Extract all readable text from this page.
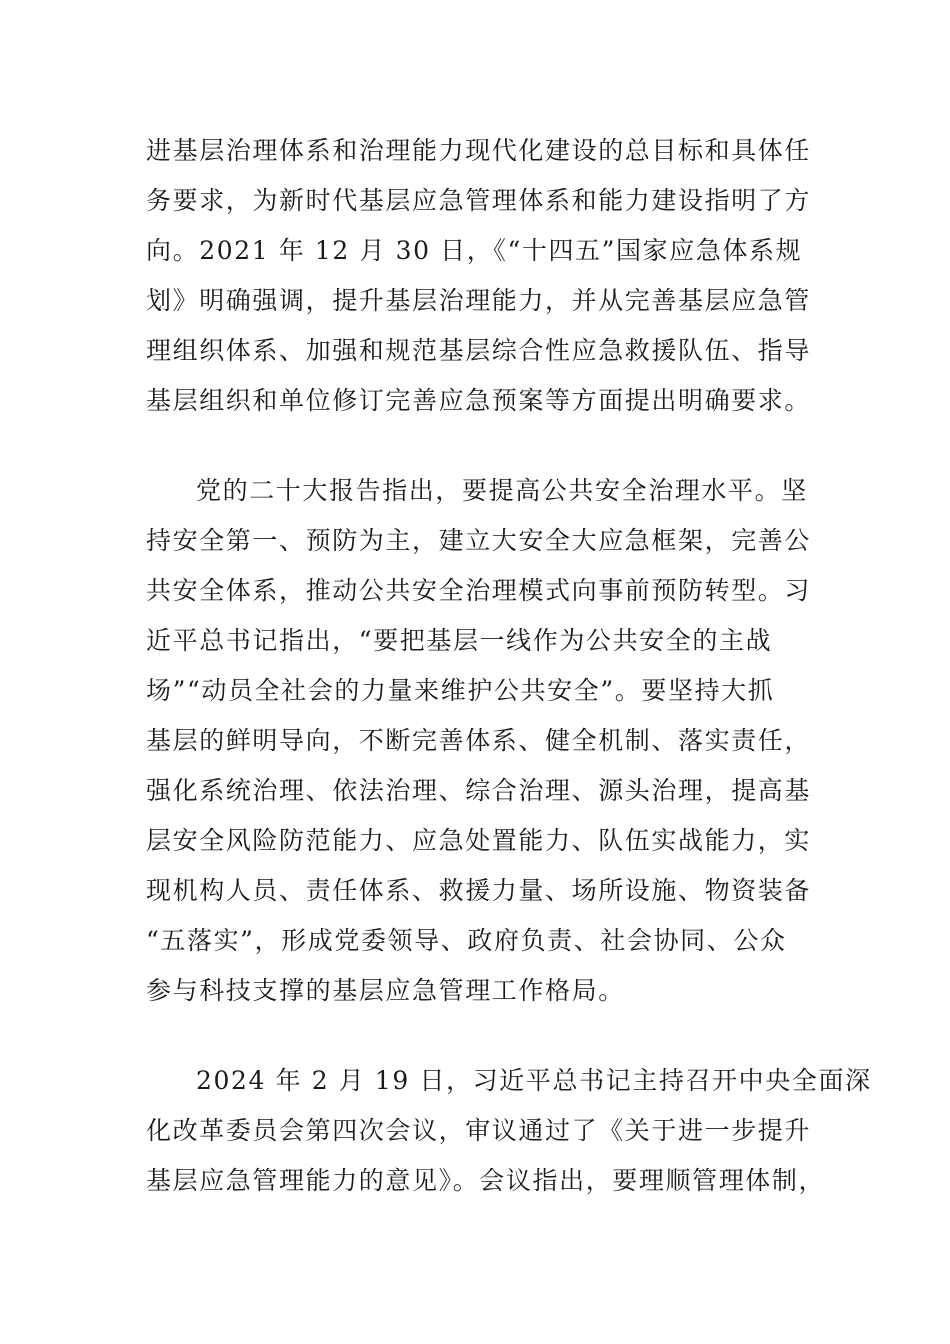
进基层治理体系和治理能力现代化建设的总目标和具体任
务要求，为新时代基层应急管理体系和能力建设指明了方
向。2021 年 12 月 30 日，《“十四五”国家应急体系规
划》明确强调，提升基层治理能力，并从完善基层应急管
理组织体系、加强和规范基层综合性应急救援队伍、指导
基层组织和单位修订完善应急预案等方面提出明确要求。
党的二十大报告指出，要提高公共安全治理水平。坚
持安全第一、预防为主，建立大安全大应急框架，完善公
共安全体系，推动公共安全治理模式向事前预防转型。习
近平总书记指出，“要把基层一线作为公共安全的主战
场”“动员全社会的力量来维护公共安全”。要坚持大抓
基层的鲜明导向，不断完善体系、健全机制、落实责任，
强化系统治理、依法治理、综合治理、源头治理，提高基
层安全风险防范能力、应急处置能力、队伍实战能力，实
现机构人员、责任体系、救援力量、场所设施、物资装备
“五落实”，形成党委领导、政府负责、社会协同、公众
参与科技支撑的基层应急管理工作格局。
2024 年 2 月 19 日，习近平总书记主持召开中央全面深
化改革委员会第四次会议，审议通过了《关于进一步提升
基层应急管理能力的意见》。会议指出，要理顺管理体制，
